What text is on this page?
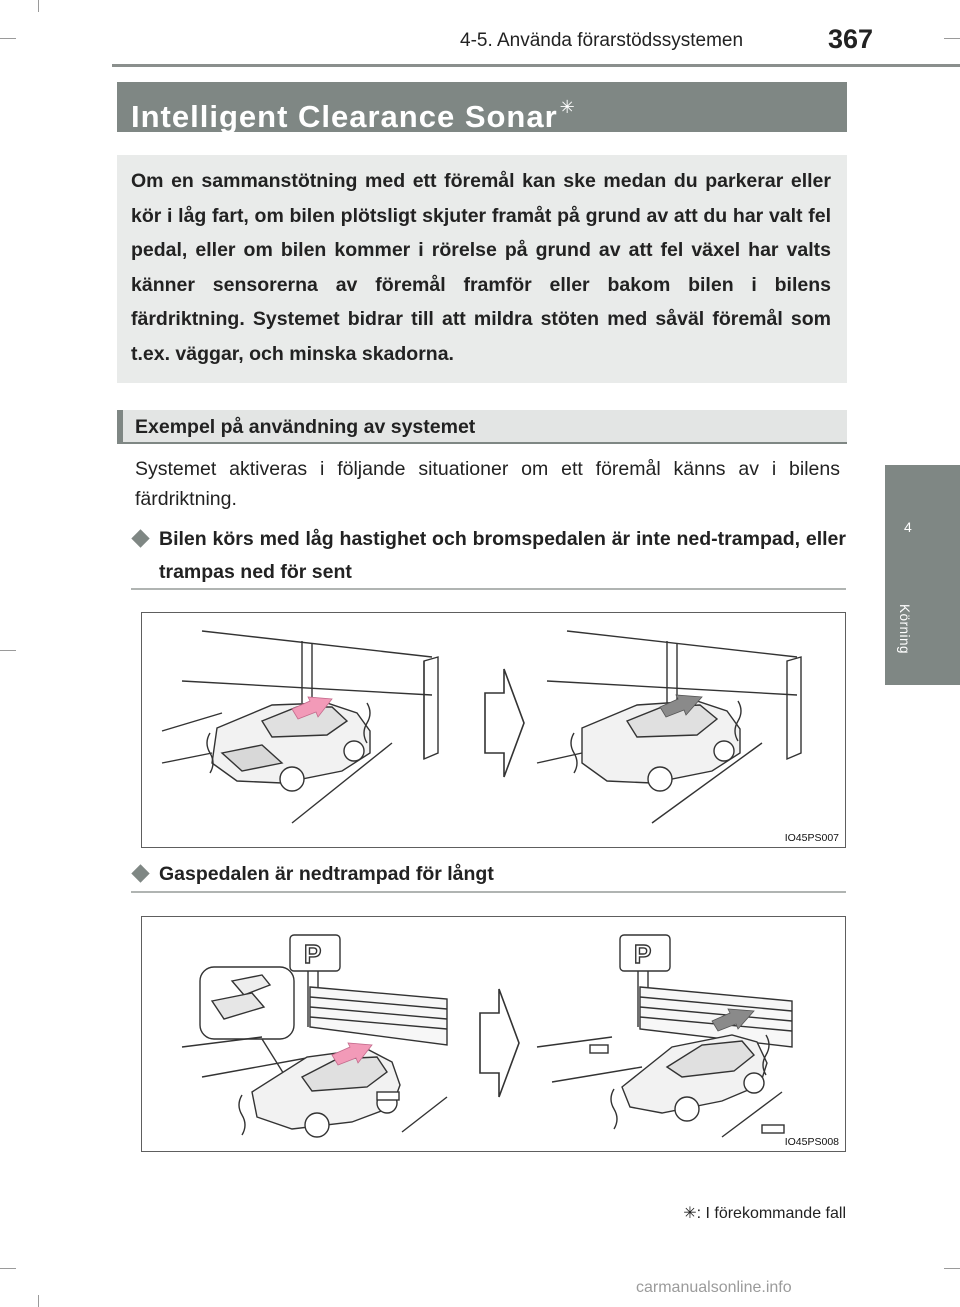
4-5. Använda förarstödssystemen	367
Intelligent Clearance Sonar ✳
Om en sammanstötning med ett föremål kan ske medan du parkerar eller kör i låg fart, om bilen plötsligt skjuter framåt på grund av att du har valt fel pedal, eller om bilen kommer i rörelse på grund av att fel växel har valts känner sensorerna av föremål framför eller bakom bilen i bilens färdriktning. Systemet bidrar till att mildra stöten med såväl föremål som t.ex. väggar, och minska skadorna.
Exempel på användning av systemet
Systemet aktiveras i följande situationer om ett föremål känns av i bilens färdriktning.
Bilen körs med låg hastighet och bromspedalen är inte ned-trampad, eller trampas ned för sent
IO45PS007
Gaspedalen är nedtrampad för långt
P	P
IO45PS008
✳: I förekommande fall
4
Körning
carmanualsonline.info
